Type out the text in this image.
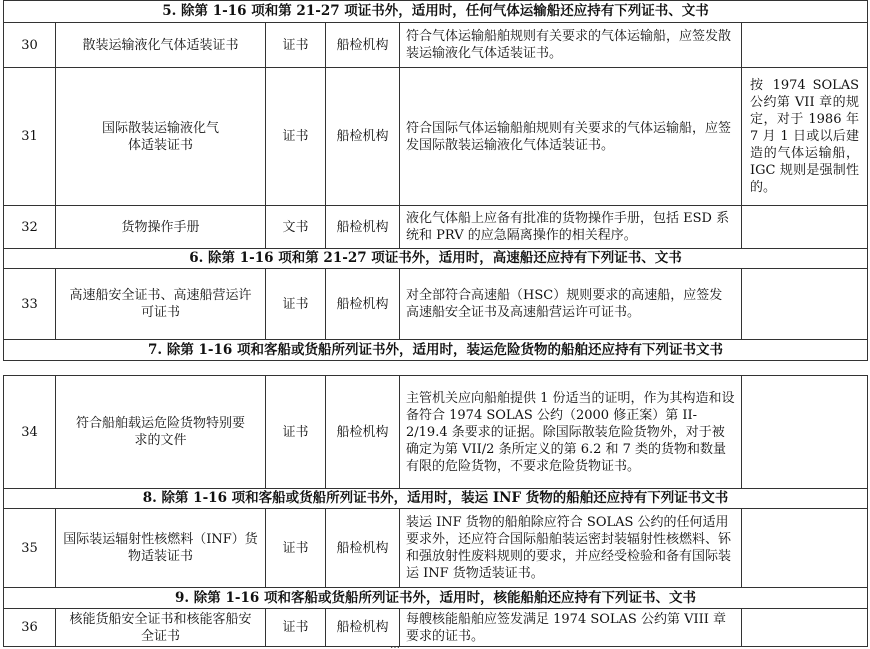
5. 除第 1-16 项和第 21-27 项证书外，适用时，任何气体运输船还应持有下列证书、文书					
30	散装运输液化气体适装证书	证书	船检机构	符合气体运输船舶规则有关要求的气体运输船，应签发散装运输液化气体适装证书。	
31	国际散装运输液化气体适装证书	证书	船检机构	符合国际气体运输船舶规则有关要求的气体运输船，应签发国际散装运输液化气体适装证书。	按 1974 SOLAS 公约第 VII 章的规定，对于 1986 年 7 月 1 日或以后建造的气体运输船，IGC 规则是强制性的。
32	货物操作手册	文书	船检机构	液化气体船上应备有批准的货物操作手册，包括 ESD 系统和 PRV 的应急隔离操作的相关程序。	
6. 除第 1-16 项和第 21-27 项证书外，适用时，高速船还应持有下列证书、文书					
33	高速船安全证书、高速船营运许可证书	证书	船检机构	对全部符合高速船（HSC）规则要求的高速船，应签发高速船安全证书及高速船营运许可证书。	
7. 除第 1-16 项和客船或货船所列证书外，适用时，装运危险货物的船舶还应持有下列证书文书					
34	符合船舶载运危险货物特别要求的文件	证书	船检机构	主管机关应向船舶提供 1 份适当的证明，作为其构造和设备符合 1974 SOLAS 公约（2000 修正案）第 II-2/19.4 条要求的证据。除国际散装危险货物外，对于被确定为第 VII/2 条所定义的第 6.2 和 7 类的货物和数量有限的危险货物，不要求危险货物证书。	
8. 除第 1-16 项和客船或货船所列证书外，适用时，装运 INF 货物的船舶还应持有下列证书文书					
35	国际装运辐射性核燃料（INF）货物适装证书	证书	船检机构	装运 INF 货物的船舶除应符合 SOLAS 公约的任何适用要求外，还应符合国际船舶装运密封装辐射性核燃料、钚和强放射性废料规则的要求，并应经受检验和备有国际装运 INF 货物适装证书。	
9. 除第 1-16 项和客船或货船所列证书外，适用时，核能船舶还应持有下列证书、文书					
36	核能货船安全证书和核能客船安全证书	证书	船检机构	每艘核能船舶应签发满足 1974 SOLAS 公约第 VIII 章要求的证书。	
…
